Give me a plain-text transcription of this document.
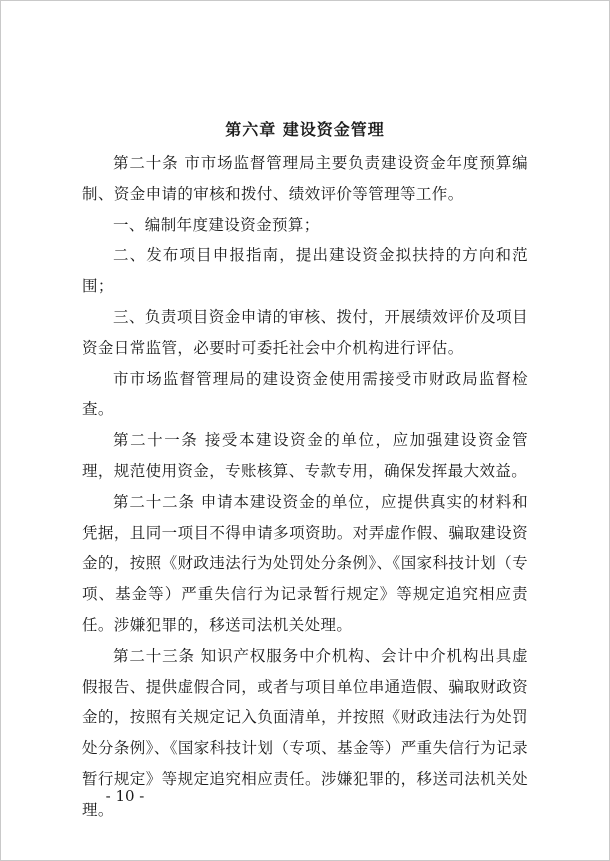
第六章 建设资金管理

第二十条 市市场监督管理局主要负责建设资金年度预算编制、资金申请的审核和拨付、绩效评价等管理等工作。

一、编制年度建设资金预算；

二、发布项目申报指南，提出建设资金拟扶持的方向和范围；

三、负责项目资金申请的审核、拨付，开展绩效评价及项目资金日常监管，必要时可委托社会中介机构进行评估。

市市场监督管理局的建设资金使用需接受市财政局监督检查。

第二十一条 接受本建设资金的单位，应加强建设资金管理，规范使用资金，专账核算、专款专用，确保发挥最大效益。

第二十二条 申请本建设资金的单位，应提供真实的材料和凭据，且同一项目不得申请多项资助。对弄虚作假、骗取建设资金的，按照《财政违法行为处罚处分条例》、《国家科技计划（专项、基金等）严重失信行为记录暂行规定》等规定追究相应责任。涉嫌犯罪的，移送司法机关处理。

第二十三条 知识产权服务中介机构、会计中介机构出具虚假报告、提供虚假合同，或者与项目单位串通造假、骗取财政资金的，按照有关规定记入负面清单，并按照《财政违法行为处罚处分条例》、《国家科技计划（专项、基金等）严重失信行为记录暂行规定》等规定追究相应责任。涉嫌犯罪的，移送司法机关处理。

- 10 -
